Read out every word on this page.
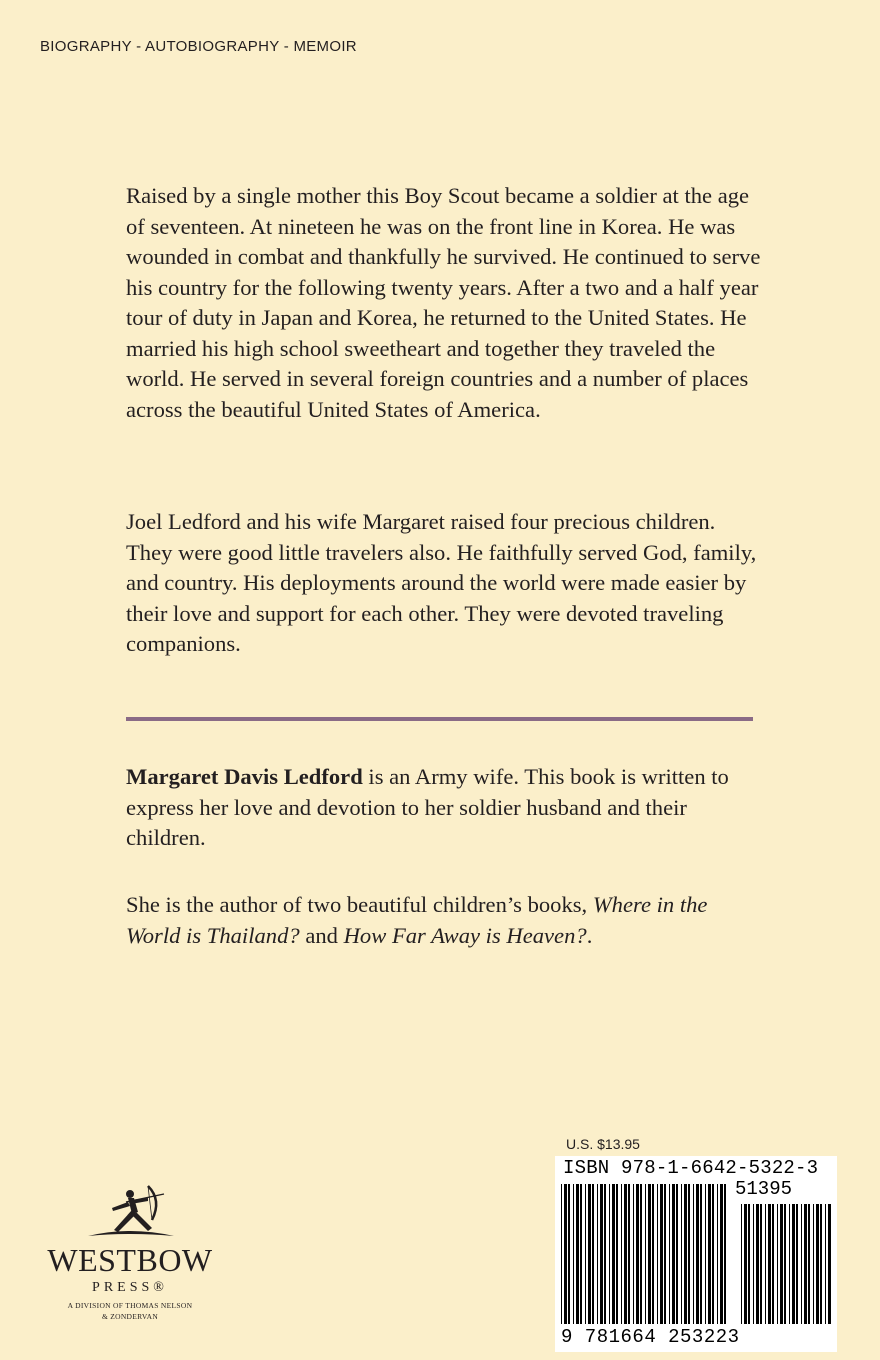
BIOGRAPHY - AUTOBIOGRAPHY - MEMOIR

Raised by a single mother this Boy Scout became a soldier at the age of seventeen. At nineteen he was on the front line in Korea. He was wounded in combat and thankfully he survived. He continued to serve his country for the following twenty years. After a two and a half year tour of duty in Japan and Korea, he returned to the United States. He married his high school sweetheart and together they traveled the world. He served in several foreign countries and a number of places across the beautiful United States of America.

Joel Ledford and his wife Margaret raised four precious children. They were good little travelers also. He faithfully served God, family, and country. His deployments around the world were made easier by their love and support for each other. They were devoted traveling companions.

Margaret Davis Ledford is an Army wife. This book is written to express her love and devotion to her soldier husband and their children.

She is the author of two beautiful children’s books, Where in the World is Thailand? and How Far Away is Heaven?.

WESTBOW
PRESS®
A DIVISION OF THOMAS NELSON
& ZONDERVAN
U.S. $13.95
ISBN 978-1-6642-5322-3
51395
9 781664 253223
